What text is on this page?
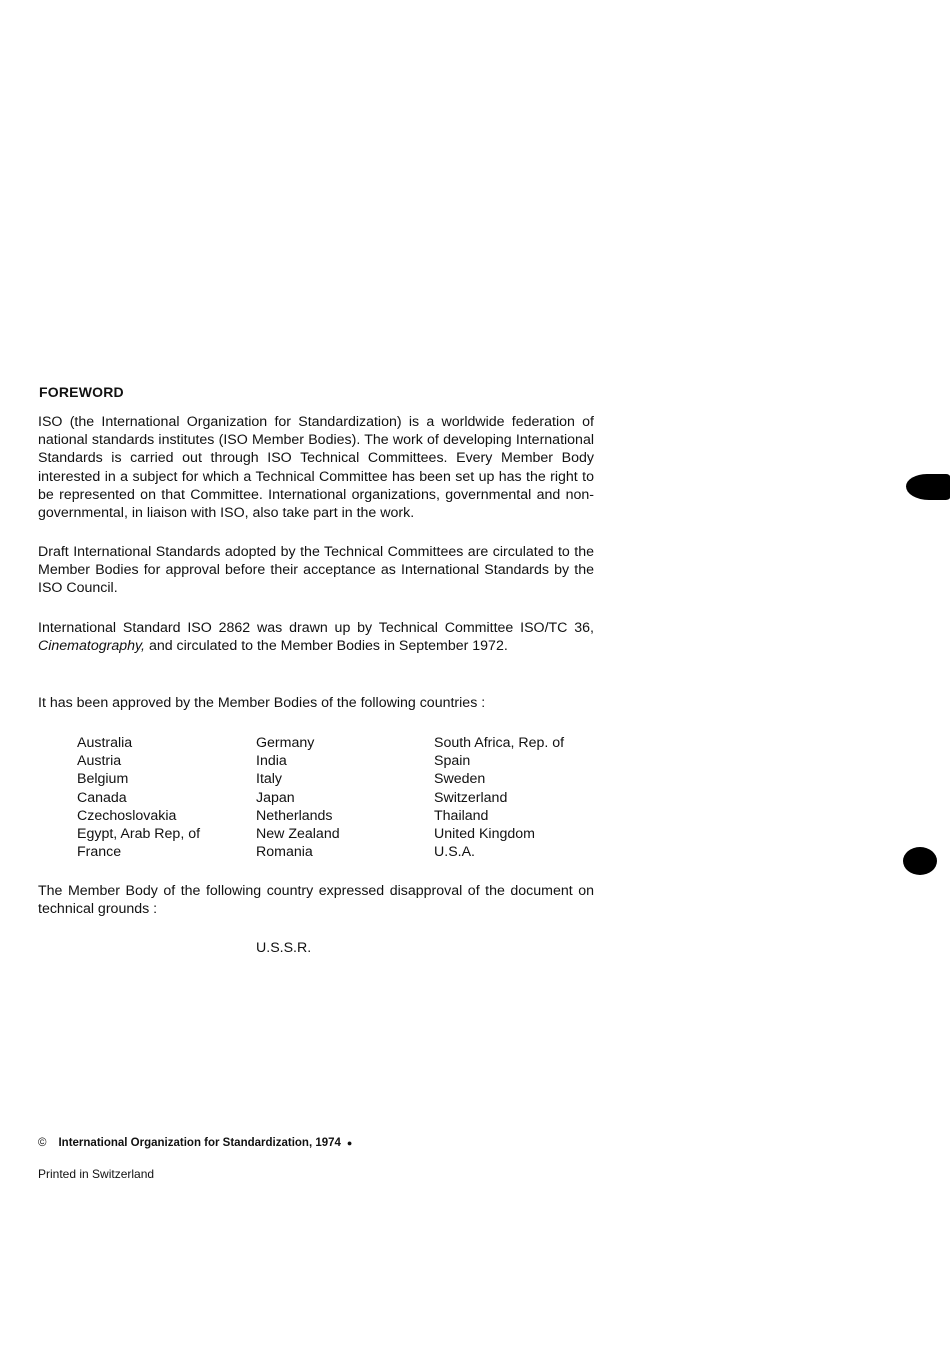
FOREWORD

ISO (the International Organization for Standardization) is a worldwide federation of national standards institutes (ISO Member Bodies). The work of developing International Standards is carried out through ISO Technical Committees. Every Member Body interested in a subject for which a Technical Committee has been set up has the right to be represented on that Committee. International organizations, governmental and non-governmental, in liaison with ISO, also take part in the work.

Draft International Standards adopted by the Technical Committees are circulated to the Member Bodies for approval before their acceptance as International Standards by the ISO Council.

International Standard ISO 2862 was drawn up by Technical Committee ISO/TC 36, Cinematography, and circulated to the Member Bodies in September 1972.

It has been approved by the Member Bodies of the following countries :

Australia
Austria
Belgium
Canada
Czechoslovakia
Egypt, Arab Rep, of
France
Germany
India
Italy
Japan
Netherlands
New Zealand
Romania
South Africa, Rep. of
Spain
Sweden
Switzerland
Thailand
United Kingdom
U.S.A.

The Member Body of the following country expressed disapproval of the document on technical grounds :

U.S.S.R.
© International Organization for Standardization, 1974 ●
Printed in Switzerland
